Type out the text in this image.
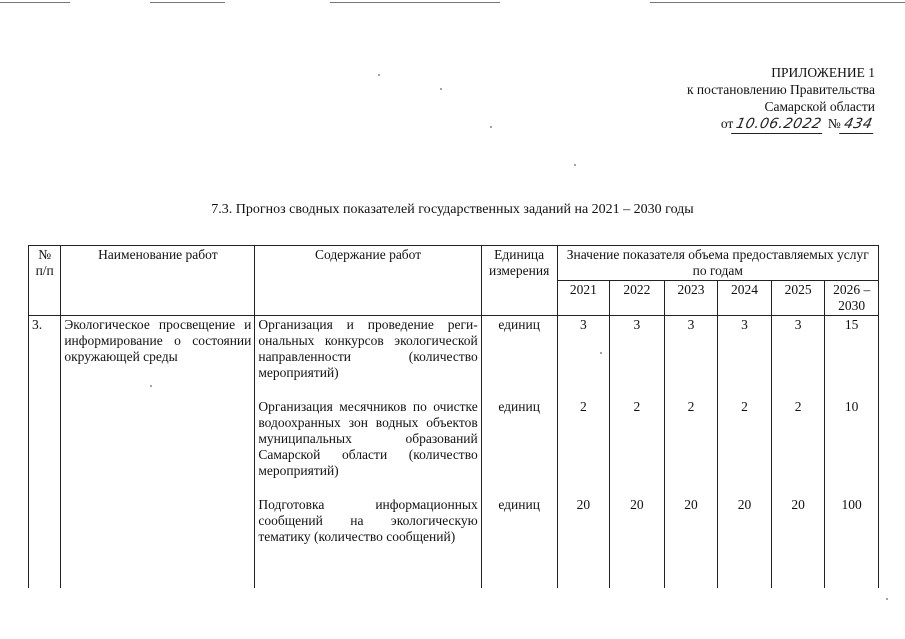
ПРИЛОЖЕНИЕ 1
к постановлению Правительства
Самарской области
от 10.06.2022 № 434
7.3. Прогноз сводных показателей государственных заданий на 2021 – 2030 годы
№ п/п	Наименование работ	Содержание работ	Единица измерения	Значение показателя объема предоставляемых услуг по годам					
				2021	2022	2023	2024	2025	2026 – 2030
3.	Экологическое просвещение и информирование о состоянии окружающей среды	Организация и проведение региональных конкурсов экологической направленности (количество мероприятий)	единиц	3	3	3	3	3	15
		Организация месячников по очистке водоохранных зон водных объектов муниципальных образований Самарской области (количество мероприятий)	единиц	2	2	2	2	2	10
		Подготовка информационных сообщений на экологическую тематику (количество сообщений)	единиц	20	20	20	20	20	100
